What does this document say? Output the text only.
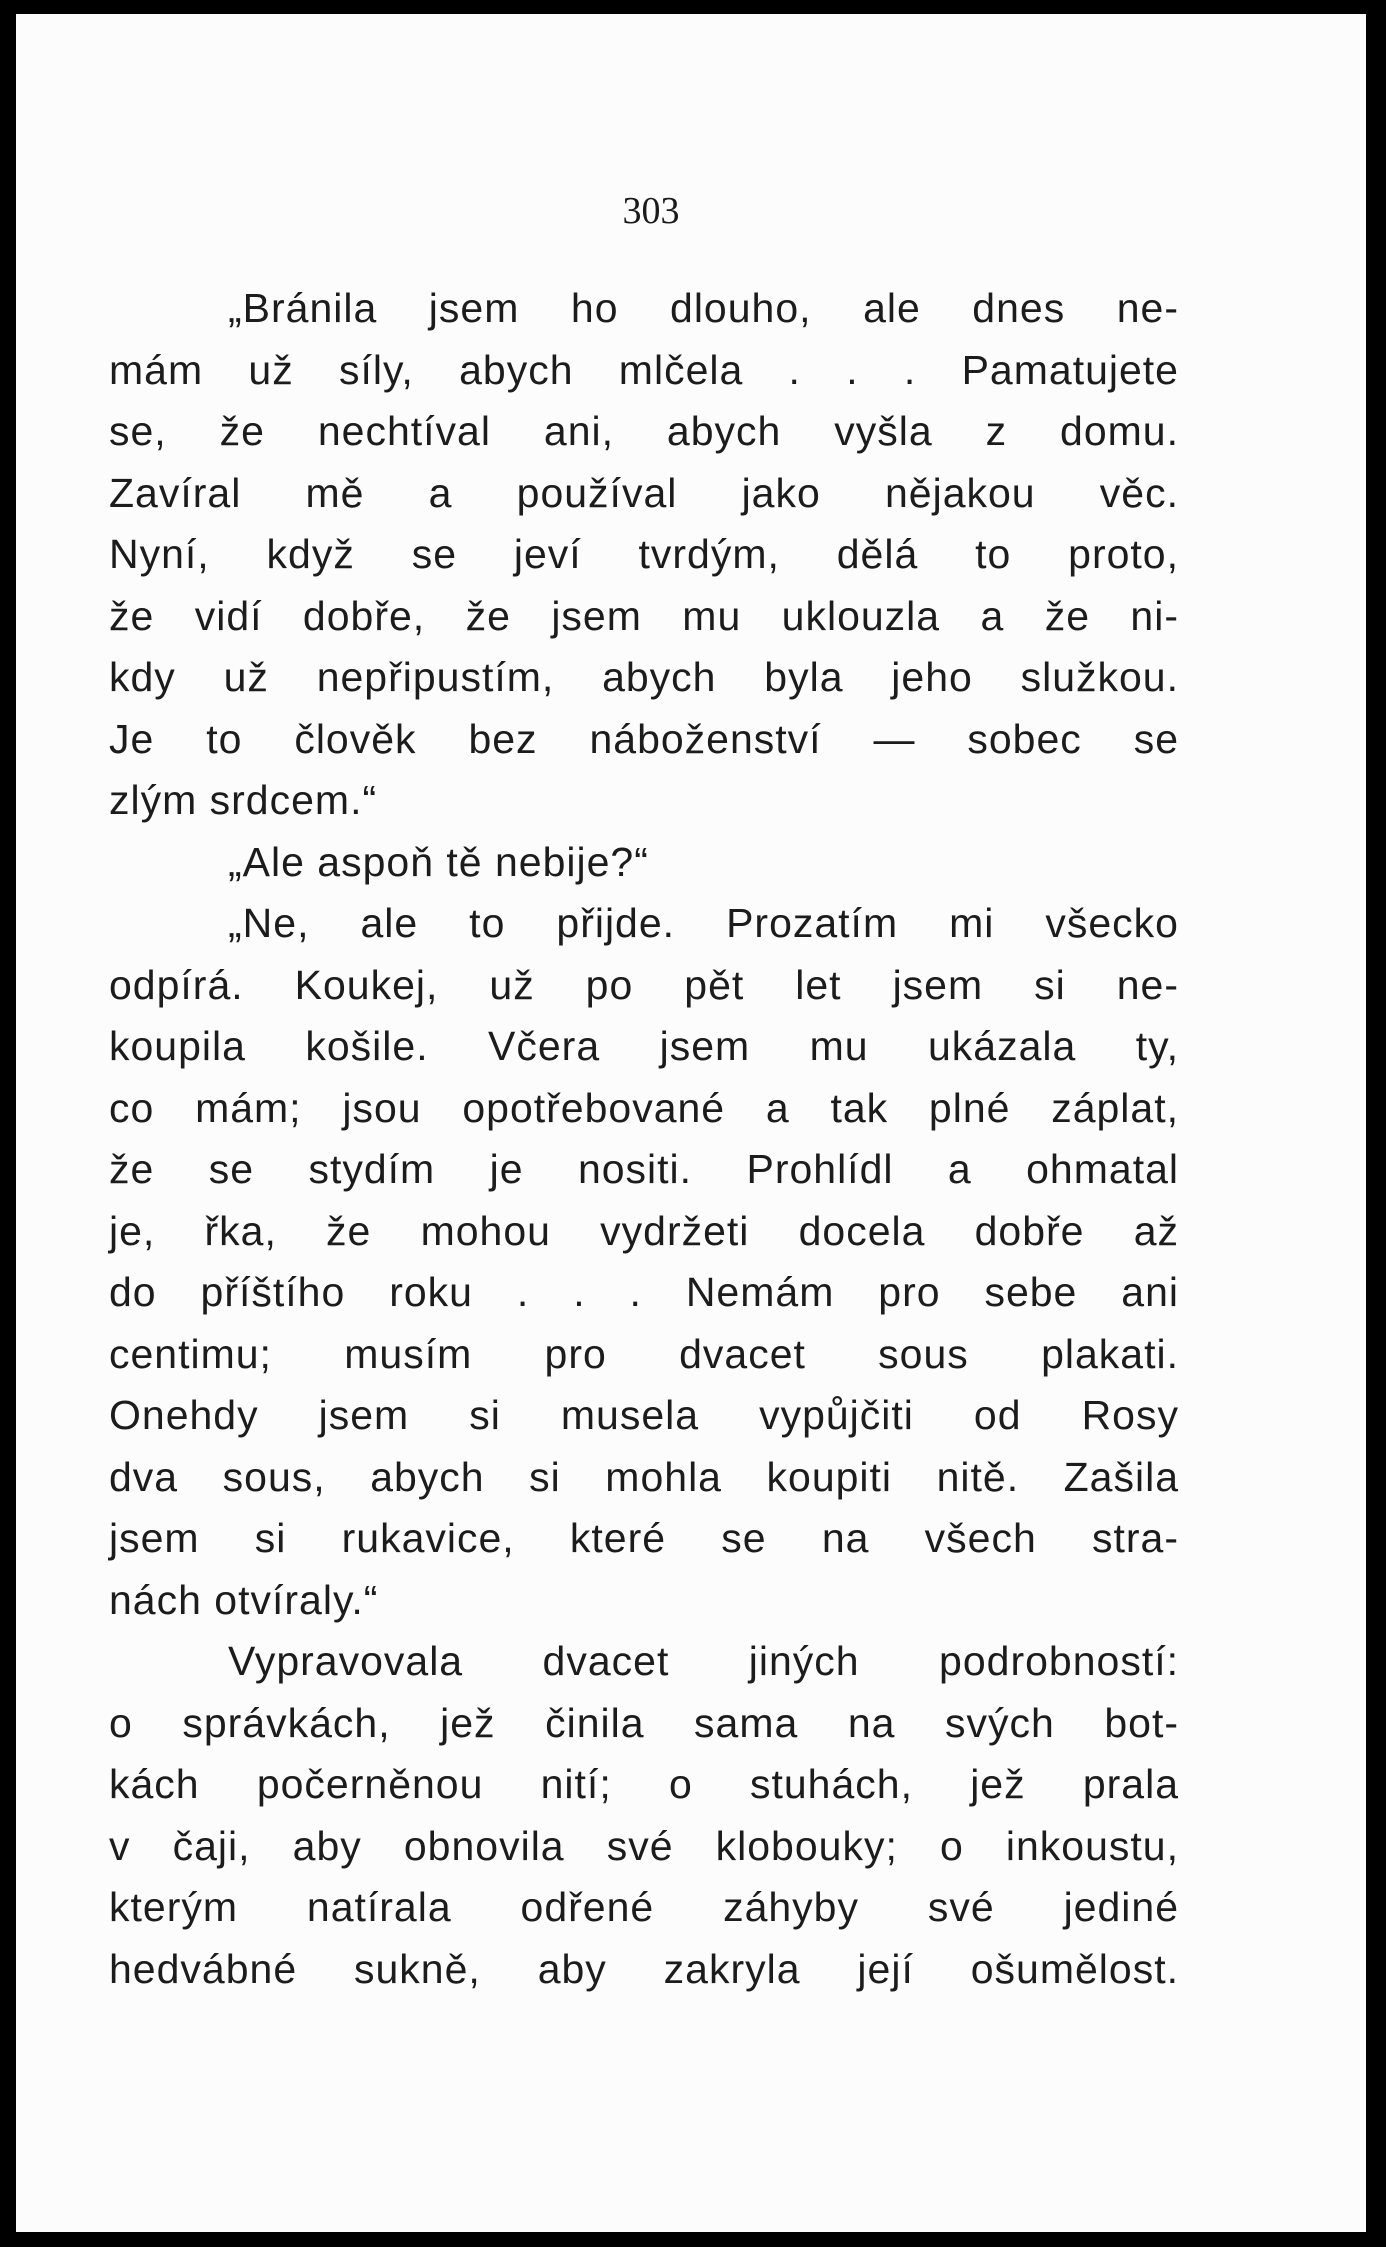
303
„Bránila jsem ho dlouho, ale dnes ne-
mám už síly, abych mlčela . . . Pamatujete
se, že nechtíval ani, abych vyšla z domu.
Zavíral mě a používal jako nějakou věc.
Nyní, když se jeví tvrdým, dělá to proto,
že vidí dobře, že jsem mu uklouzla a že ni-
kdy už nepřipustím, abych byla jeho služkou.
Je to člověk bez náboženství — sobec se
zlým srdcem.“
„Ale aspoň tě nebije?“
„Ne, ale to přijde. Prozatím mi všecko
odpírá. Koukej, už po pět let jsem si ne-
koupila košile. Včera jsem mu ukázala ty,
co mám; jsou opotřebované a tak plné záplat,
že se stydím je nositi. Prohlídl a ohmatal
je, řka, že mohou vydržeti docela dobře až
do příštího roku . . . Nemám pro sebe ani
centimu; musím pro dvacet sous plakati.
Onehdy jsem si musela vypůjčiti od Rosy
dva sous, abych si mohla koupiti nitě. Zašila
jsem si rukavice, které se na všech stra-
nách otvíraly.“
Vypravovala dvacet jiných podrobností:
o správkách, jež činila sama na svých bot-
kách počerněnou nití; o stuhách, jež prala
v čaji, aby obnovila své klobouky; o inkoustu,
kterým natírala odřené záhyby své jediné
hedvábné sukně, aby zakryla její ošumělost.
